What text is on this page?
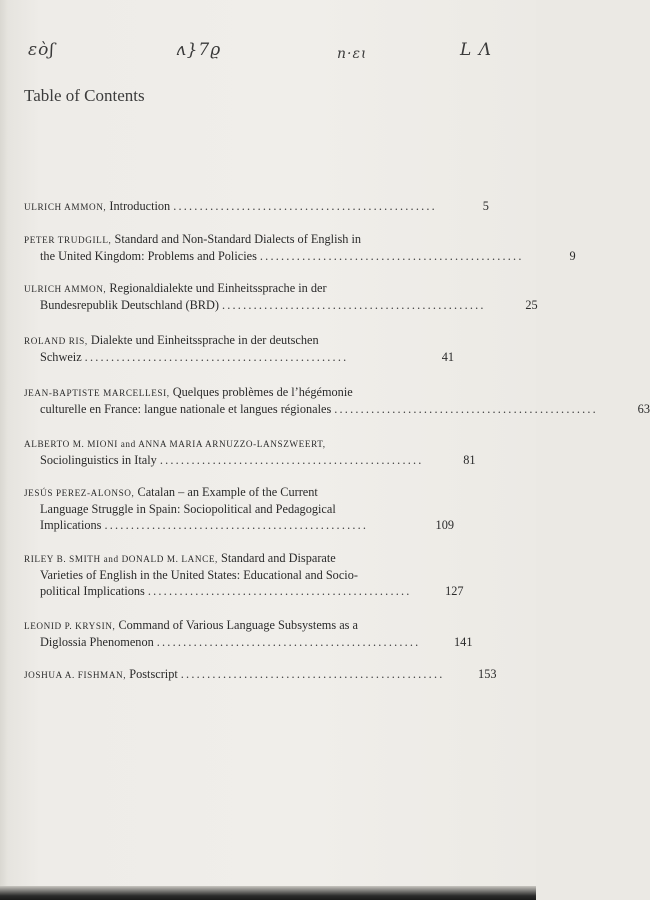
ɛòʃ	ʌ}7ϱ	n·ɛɩ	L Λ
Table of Contents
ULRICH AMMON, Introduction ..................................................	5
PETER TRUDGILL, Standard and Non-Standard Dialects of English in
the United Kingdom: Problems and Policies ..................................................	9
ULRICH AMMON, Regionaldialekte und Einheitssprache in der
Bundesrepublik Deutschland (BRD) ..................................................	25
ROLAND RIS, Dialekte und Einheitssprache in der deutschen
Schweiz ..................................................	41
JEAN-BAPTISTE MARCELLESI, Quelques problèmes de l’hégémonie
culturelle en France: langue nationale et langues régionales ..................................................	63
ALBERTO M. MIONI and ANNA MARIA ARNUZZO-LANSZWEERT,
Sociolinguistics in Italy ..................................................	81
JESÚS PEREZ-ALONSO, Catalan – an Example of the Current
Language Struggle in Spain: Sociopolitical and Pedagogical
Implications ..................................................	109
RILEY B. SMITH and DONALD M. LANCE, Standard and Disparate
Varieties of English in the United States: Educational and Socio-
political Implications ..................................................	127
LEONID P. KRYSIN, Command of Various Language Subsystems as a
Diglossia Phenomenon ..................................................	141
JOSHUA A. FISHMAN, Postscript ..................................................	153
